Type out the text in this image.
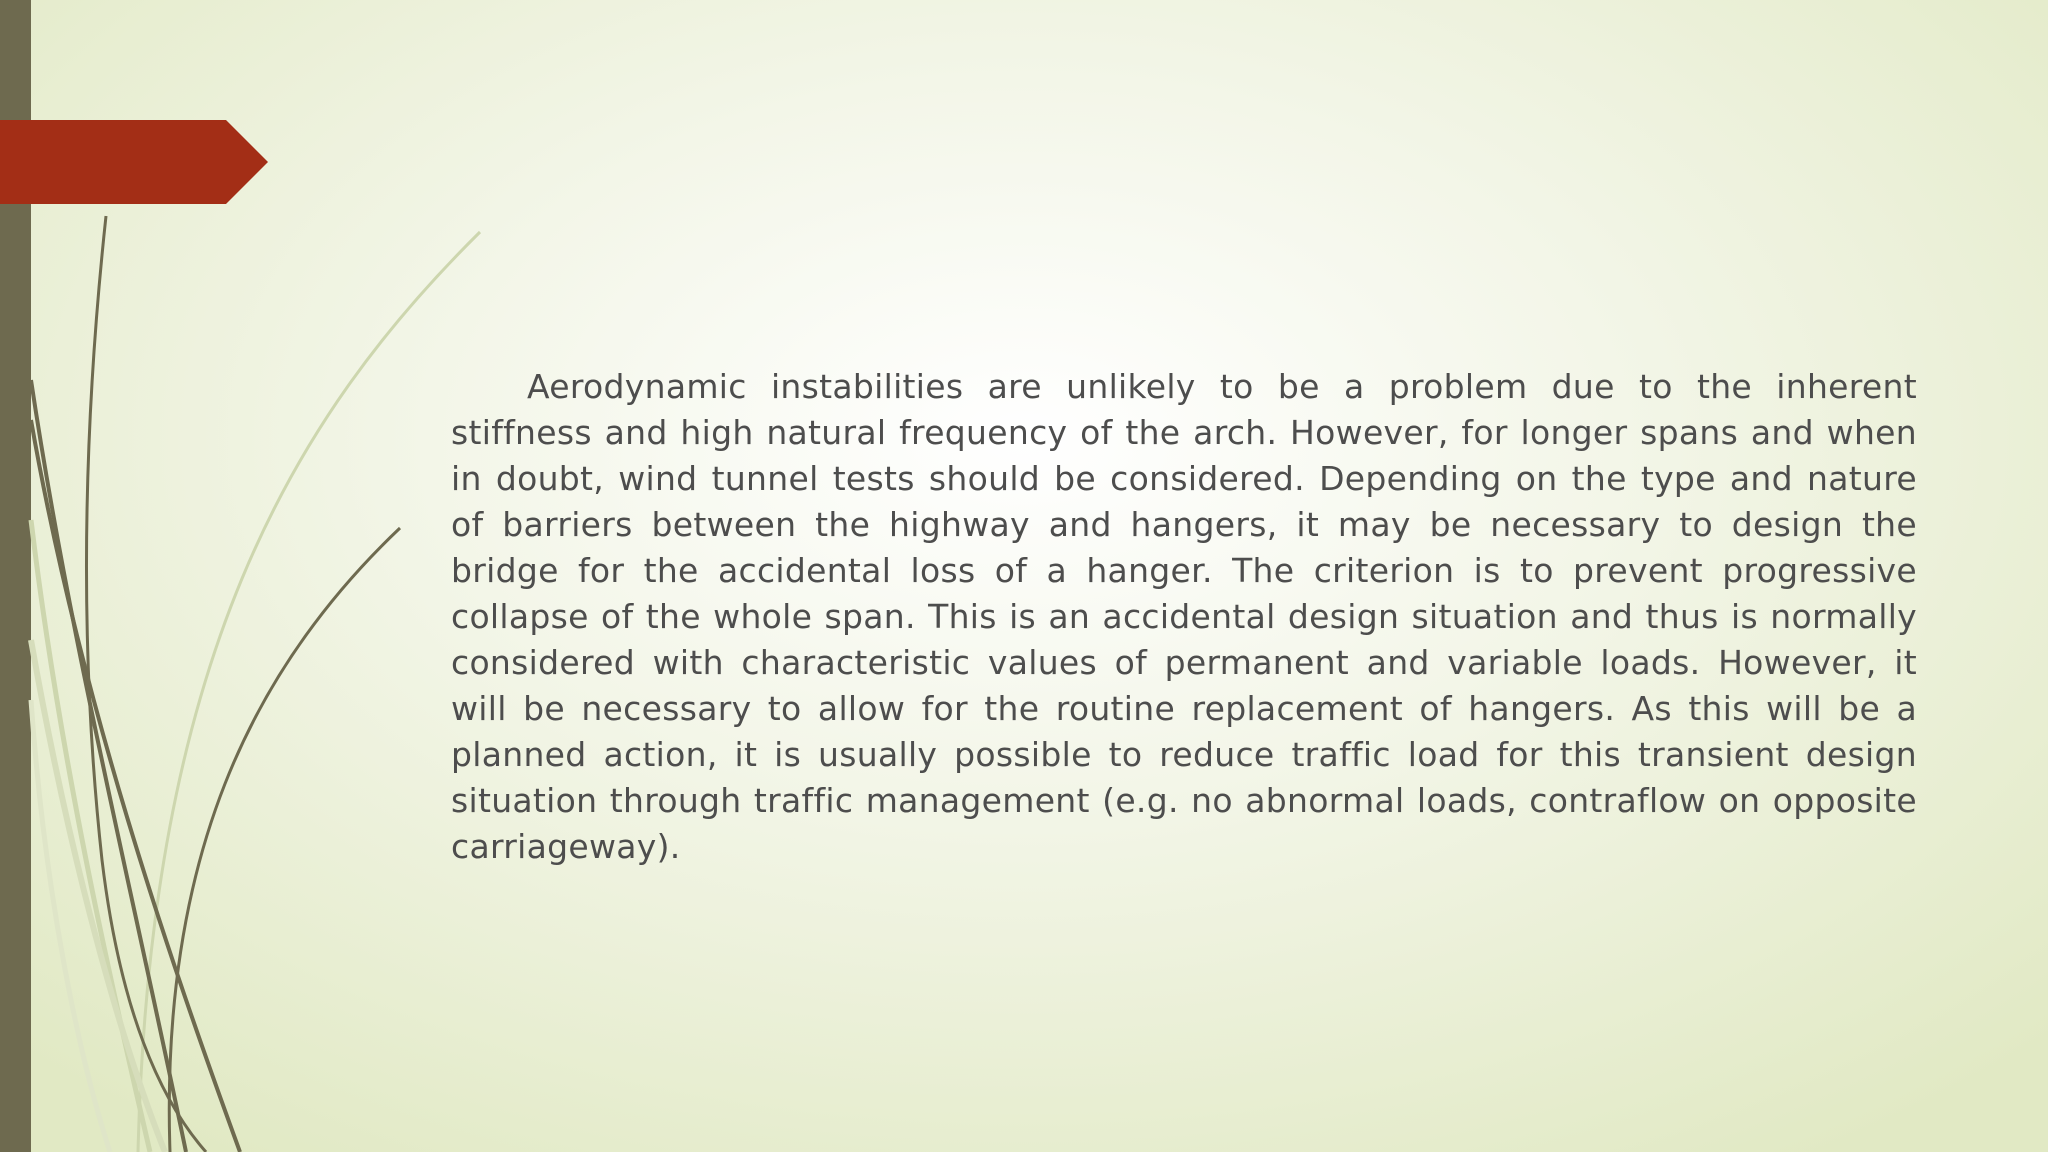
Aerodynamic instabilities are unlikely to be a problem due to the inherent stiffness and high natural frequency of the arch. However, for longer spans and when in doubt, wind tunnel tests should be considered. Depending on the type and nature of barriers between the highway and hangers, it may be necessary to design the bridge for the accidental loss of a hanger. The criterion is to prevent progressive collapse of the whole span. This is an accidental design situation and thus is normally considered with characteristic values of permanent and variable loads. However, it will be necessary to allow for the routine replacement of hangers. As this will be a planned action, it is usually possible to reduce traffic load for this transient design situation through traffic management (e.g. no abnormal loads, contraflow on opposite carriageway).
